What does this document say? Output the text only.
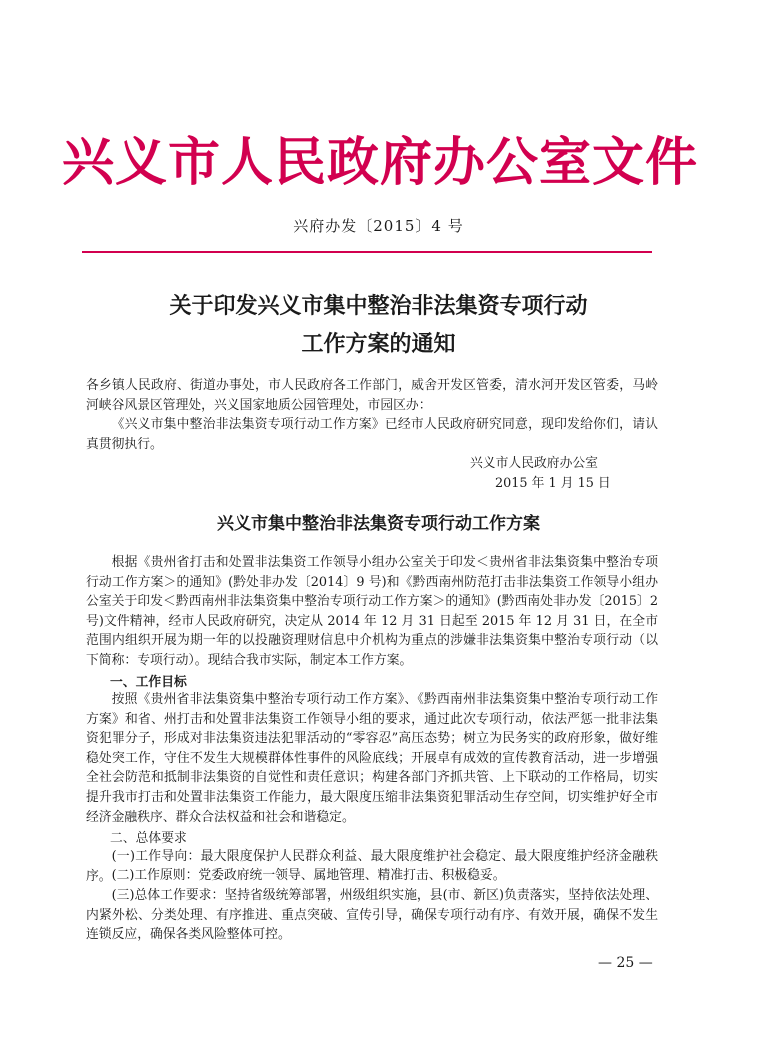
兴义市人民政府办公室文件
兴府办发〔2015〕4 号
关于印发兴义市集中整治非法集资专项行动
工作方案的通知
各乡镇人民政府、街道办事处，市人民政府各工作部门，威舍开发区管委，清水河开发区管委，马岭河峡谷风景区管理处，兴义国家地质公园管理处，市园区办：
《兴义市集中整治非法集资专项行动工作方案》已经市人民政府研究同意，现印发给你们，请认真贯彻执行。
兴义市人民政府办公室
2015 年 1 月 15 日
兴义市集中整治非法集资专项行动工作方案
根据《贵州省打击和处置非法集资工作领导小组办公室关于印发＜贵州省非法集资集中整治专项行动工作方案＞的通知》(黔处非办发〔2014〕9 号)和《黔西南州防范打击非法集资工作领导小组办公室关于印发＜黔西南州非法集资集中整治专项行动工作方案＞的通知》(黔西南处非办发〔2015〕2 号)文件精神，经市人民政府研究，决定从 2014 年 12 月 31 日起至 2015 年 12 月 31 日，在全市范围内组织开展为期一年的以投融资理财信息中介机构为重点的涉嫌非法集资集中整治专项行动（以下简称：专项行动）。现结合我市实际，制定本工作方案。
一、工作目标
按照《贵州省非法集资集中整治专项行动工作方案》、《黔西南州非法集资集中整治专项行动工作方案》和省、州打击和处置非法集资工作领导小组的要求，通过此次专项行动，依法严惩一批非法集资犯罪分子，形成对非法集资违法犯罪活动的“零容忍”高压态势；树立为民务实的政府形象，做好维稳处突工作，守住不发生大规模群体性事件的风险底线；开展卓有成效的宣传教育活动，进一步增强全社会防范和抵制非法集资的自觉性和责任意识；构建各部门齐抓共管、上下联动的工作格局，切实提升我市打击和处置非法集资工作能力，最大限度压缩非法集资犯罪活动生存空间，切实维护好全市经济金融秩序、群众合法权益和社会和谐稳定。
二、总体要求
(一)工作导向：最大限度保护人民群众利益、最大限度维护社会稳定、最大限度维护经济金融秩序。 (二)工作原则：党委政府统一领导、属地管理、精准打击、积极稳妥。
(三)总体工作要求：坚持省级统筹部署，州级组织实施，县(市、新区)负责落实，坚持依法处理、内紧外松、分类处理、有序推进、重点突破、宣传引导，确保专项行动有序、有效开展，确保不发生连锁反应，确保各类风险整体可控。
— 25 —
